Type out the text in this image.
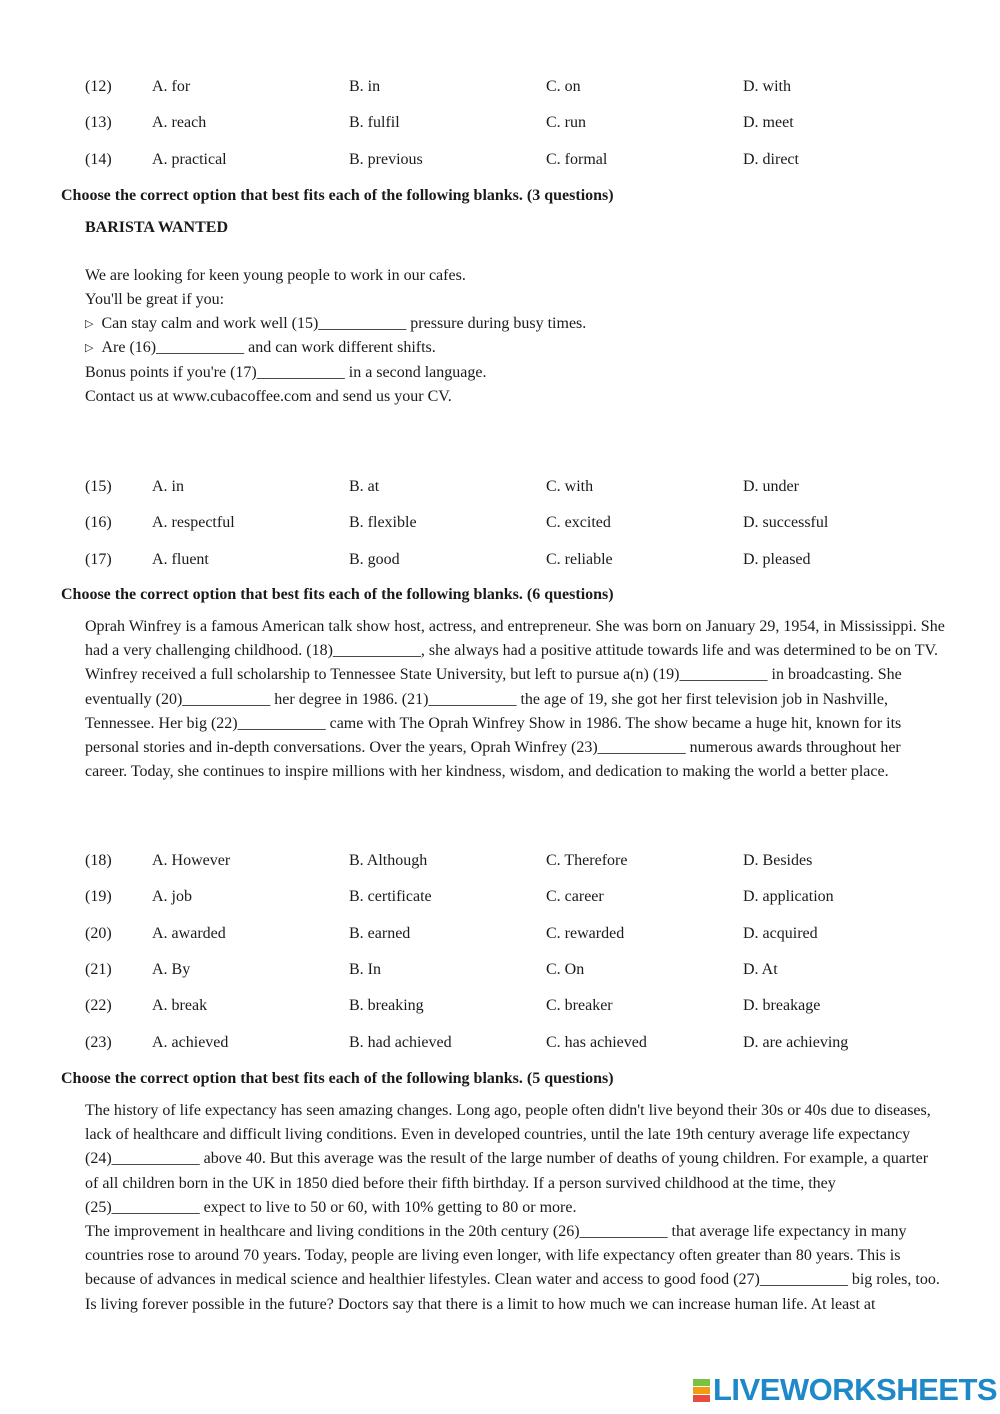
(12)	A. for	B. in	C. on	D. with
(13)	A. reach	B. fulfil	C. run	D. meet
(14)	A. practical	B. previous	C. formal	D. direct
Choose the correct option that best fits each of the following blanks. (3 questions)
BARISTA WANTED
We are looking for keen young people to work in our cafes.
You'll be great if you:
▷ Can stay calm and work well (15)___________ pressure during busy times.
▷ Are (16)___________ and can work different shifts.
Bonus points if you're (17)___________ in a second language.
Contact us at www.cubacoffee.com and send us your CV.
(15)	A. in	B. at	C. with	D. under
(16)	A. respectful	B. flexible	C. excited	D. successful
(17)	A. fluent	B. good	C. reliable	D. pleased
Choose the correct option that best fits each of the following blanks. (6 questions)

Oprah Winfrey is a famous American talk show host, actress, and entrepreneur. She was born on January 29, 1954, in Mississippi. She had a very challenging childhood. (18)___________, she always had a positive attitude towards life and was determined to be on TV. Winfrey received a full scholarship to Tennessee State University, but left to pursue a(n) (19)___________ in broadcasting. She eventually (20)___________ her degree in 1986. (21)___________ the age of 19, she got her first television job in Nashville, Tennessee. Her big (22)___________ came with The Oprah Winfrey Show in 1986. The show became a huge hit, known for its personal stories and in-depth conversations. Over the years, Oprah Winfrey (23)___________ numerous awards throughout her career. Today, she continues to inspire millions with her kindness, wisdom, and dedication to making the world a better place.

(18)	A. However	B. Although	C. Therefore	D. Besides
(19)	A. job	B. certificate	C. career	D. application
(20)	A. awarded	B. earned	C. rewarded	D. acquired
(21)	A. By	B. In	C. On	D. At
(22)	A. break	B. breaking	C. breaker	D. breakage
(23)	A. achieved	B. had achieved	C. has achieved	D. are achieving
Choose the correct option that best fits each of the following blanks. (5 questions)

The history of life expectancy has seen amazing changes. Long ago, people often didn't live beyond their 30s or 40s due to diseases, lack of healthcare and difficult living conditions. Even in developed countries, until the late 19th century average life expectancy (24)___________ above 40. But this average was the result of the large number of deaths of young children. For example, a quarter of all children born in the UK in 1850 died before their fifth birthday. If a person survived childhood at the time, they (25)___________ expect to live to 50 or 60, with 10% getting to 80 or more.

The improvement in healthcare and living conditions in the 20th century (26)___________ that average life expectancy in many countries rose to around 70 years. Today, people are living even longer, with life expectancy often greater than 80 years. This is because of advances in medical science and healthier lifestyles. Clean water and access to good food (27)___________ big roles, too.

Is living forever possible in the future? Doctors say that there is a limit to how much we can increase human life. At least at

LIVEWORKSHEETS
